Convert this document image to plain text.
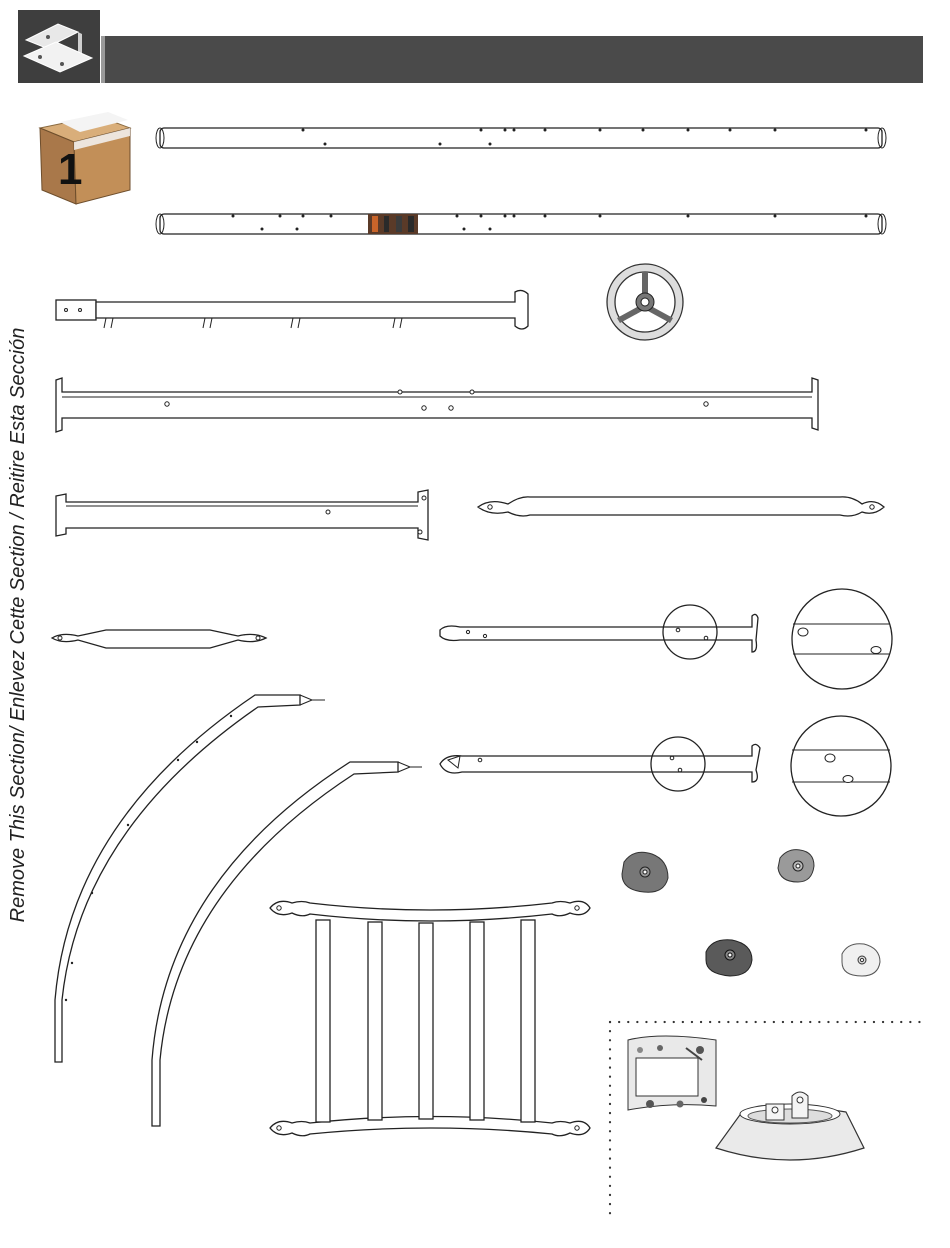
Remove This Section/ Enlevez Cette Section / Reitire Esta Sección
1
